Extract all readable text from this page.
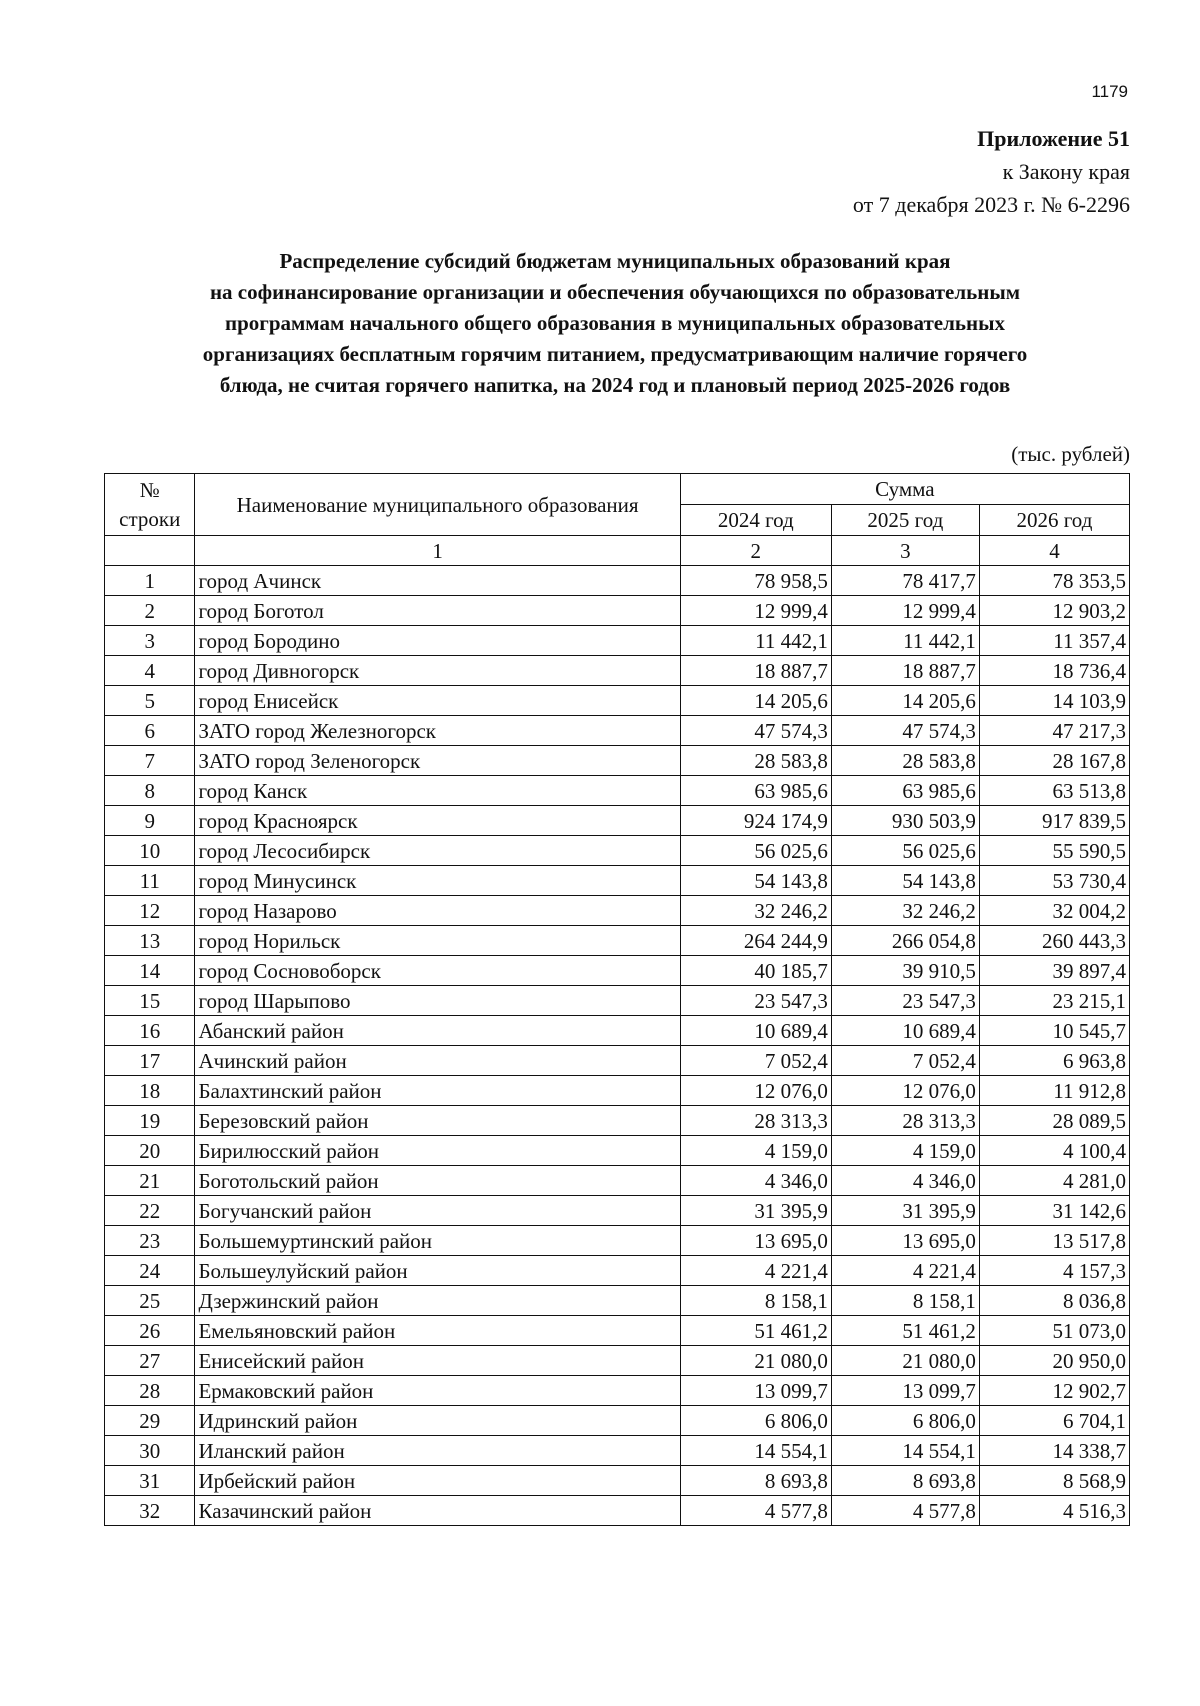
1179
Приложение 51
к Закону края
от 7 декабря 2023 г. № 6-2296
Распределение субсидий бюджетам муниципальных образований края
на софинансирование организации и обеспечения обучающихся по образовательным
программам начального общего образования в муниципальных образовательных
организациях бесплатным горячим питанием, предусматривающим наличие горячего
блюда, не считая горячего напитка, на 2024 год и плановый период 2025-2026 годов
(тыс. рублей)
№ строки	Наименование муниципального образования	Сумма		
		2024 год	2025 год	2026 год
	1	2	3	4
1	город Ачинск	78 958,5	78 417,7	78 353,5
2	город Боготол	12 999,4	12 999,4	12 903,2
3	город Бородино	11 442,1	11 442,1	11 357,4
4	город Дивногорск	18 887,7	18 887,7	18 736,4
5	город Енисейск	14 205,6	14 205,6	14 103,9
6	ЗАТО город Железногорск	47 574,3	47 574,3	47 217,3
7	ЗАТО город Зеленогорск	28 583,8	28 583,8	28 167,8
8	город Канск	63 985,6	63 985,6	63 513,8
9	город Красноярск	924 174,9	930 503,9	917 839,5
10	город Лесосибирск	56 025,6	56 025,6	55 590,5
11	город Минусинск	54 143,8	54 143,8	53 730,4
12	город Назарово	32 246,2	32 246,2	32 004,2
13	город Норильск	264 244,9	266 054,8	260 443,3
14	город Сосновоборск	40 185,7	39 910,5	39 897,4
15	город Шарыпово	23 547,3	23 547,3	23 215,1
16	Абанский район	10 689,4	10 689,4	10 545,7
17	Ачинский район	7 052,4	7 052,4	6 963,8
18	Балахтинский район	12 076,0	12 076,0	11 912,8
19	Березовский район	28 313,3	28 313,3	28 089,5
20	Бирилюсский район	4 159,0	4 159,0	4 100,4
21	Боготольский район	4 346,0	4 346,0	4 281,0
22	Богучанский район	31 395,9	31 395,9	31 142,6
23	Большемуртинский район	13 695,0	13 695,0	13 517,8
24	Большеулуйский район	4 221,4	4 221,4	4 157,3
25	Дзержинский район	8 158,1	8 158,1	8 036,8
26	Емельяновский район	51 461,2	51 461,2	51 073,0
27	Енисейский район	21 080,0	21 080,0	20 950,0
28	Ермаковский район	13 099,7	13 099,7	12 902,7
29	Идринский район	6 806,0	6 806,0	6 704,1
30	Иланский район	14 554,1	14 554,1	14 338,7
31	Ирбейский район	8 693,8	8 693,8	8 568,9
32	Казачинский район	4 577,8	4 577,8	4 516,3
